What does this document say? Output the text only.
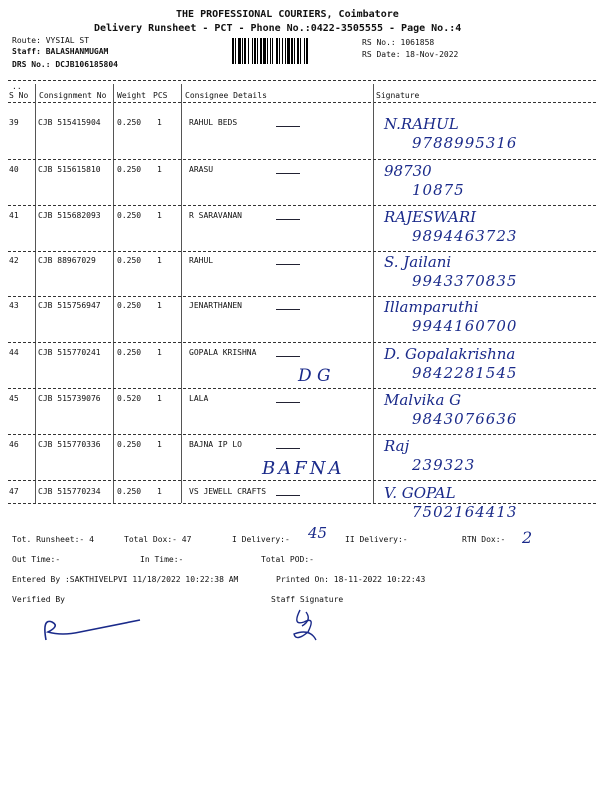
THE PROFESSIONAL COURIERS, Coimbatore
Delivery Runsheet - PCT - Phone No.:0422-3505555 - Page No.:4
Route: VYSIAL ST
Staff: BALASHANMUGAM
DRS No.: DCJB106185804
RS No.: 1061858
RS Date: 18-Nov-2022
..
S No Consignment No Weight PCS Consignee Details	Signature
39 CJB 515415904 0.250 1	RAHUL BEDS	N.RAHUL
9788995316
40 CJB 515615810 0.250 1	ARASU	98730
10875
41 CJB 515682093 0.250 1	R SARAVANAN	RAJESWARI
9894463723
42 CJB 88967029	0.250 1	RAHUL	S. Jailani
9943370835
43 CJB 515756947 0.250 1	JENARTHANEN	Illamparuthi
9944160700
44 CJB 515770241 0.250 1	GOPALA KRISHNA	D. Gopalakrishna
9842281545
45 CJB 515739076 0.520 1	LALA	Malvika G
9843076636
46 CJB 515770336 0.250 1	BAJNA IP LO	Raj
239323
47 CJB 515770234 0.250 1	VS JEWELL CRAFTS	V. GOPAL
7502164413
D G
BAFNA
Tot. Runsheet:- 4	Total Dox:- 47	I Delivery:- 45 II Delivery:-	RTN Dox:- 2
Out Time:-	In Time:-	Total POD:-
Entered By :SAKTHIVELPVI 11/18/2022 10:22:38 AM	Printed On: 18-11-2022 10:22:43
Verified By	Staff Signature
